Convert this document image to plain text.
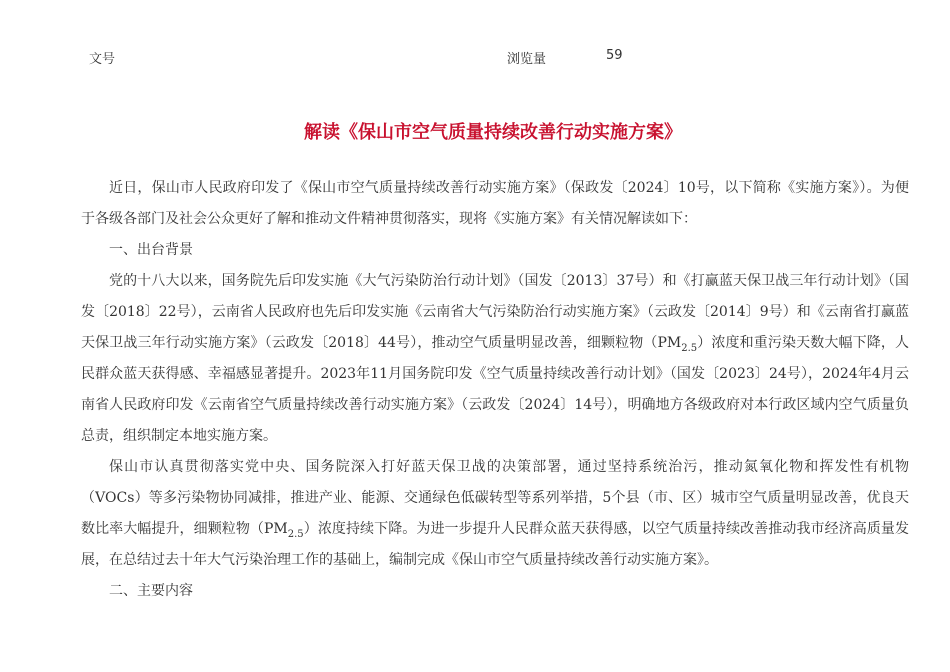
文号	浏览量	59
解读《保山市空气质量持续改善行动实施方案》

近日，保山市人民政府印发了《保山市空气质量持续改善行动实施方案》（保政发〔2024〕10号，以下简称《实施方案》）。为便于各级各部门及社会公众更好了解和推动文件精神贯彻落实，现将《实施方案》有关情况解读如下：

一、出台背景

党的十八大以来，国务院先后印发实施《大气污染防治行动计划》（国发〔2013〕37号）和《打赢蓝天保卫战三年行动计划》（国发〔2018〕22号），云南省人民政府也先后印发实施《云南省大气污染防治行动实施方案》（云政发〔2014〕9号）和《云南省打赢蓝天保卫战三年行动实施方案》（云政发〔2018〕44号），推动空气质量明显改善，细颗粒物$(PM_{2.5})$浓度和重污染天数大幅下降，人民群众蓝天获得感、幸福感显著提升。2023年11月国务院印发《空气质量持续改善行动计划》（国发〔2023〕24号），2024年4月云南省人民政府印发《云南省空气质量持续改善行动实施方案》（云政发〔2024〕14号），明确地方各级政府对本行政区域内空气质量负总责，组织制定本地实施方案。

保山市认真贯彻落实党中央、国务院深入打好蓝天保卫战的决策部署，通过坚持系统治污，推动氮氧化物和挥发性有机物（VOCs）等多污染物协同减排，推进产业、能源、交通绿色低碳转型等系列举措，5个县（市、区）城市空气质量明显改善，优良天数比率大幅提升，细颗粒物$(PM_{2.5})$浓度持续下降。为进一步提升人民群众蓝天获得感，以空气质量持续改善推动我市经济高质量发展，在总结过去十年大气污染治理工作的基础上，编制完成《保山市空气质量持续改善行动实施方案》。

二、主要内容
